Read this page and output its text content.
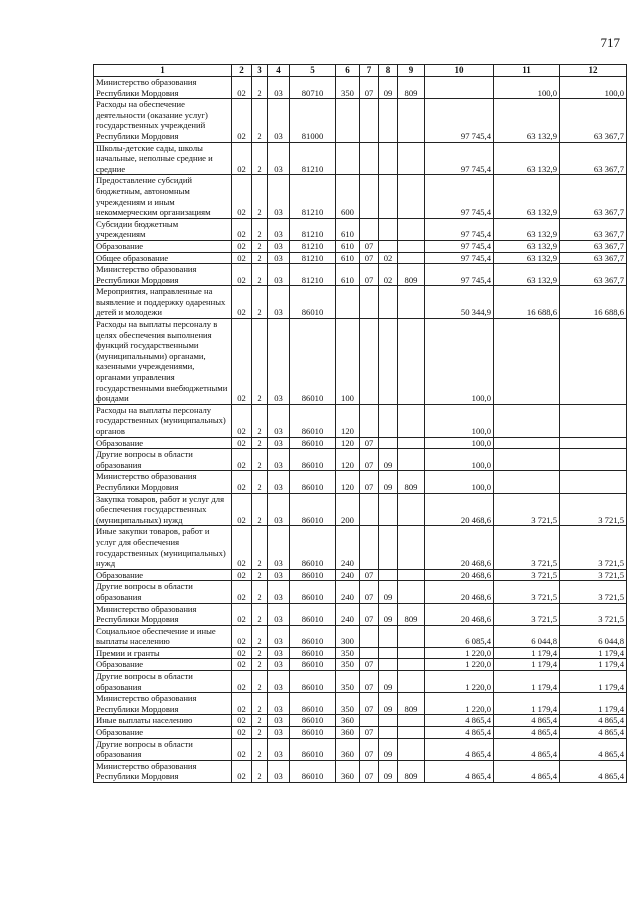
717
1	2	3	4	5	6	7	8	9	10	11	12
Министерство образования Республики Мордовия	02	2	03	80710	350	07	09	809		100,0	100,0
Расходы на обеспечение деятельности (оказание услуг) государственных учреждений Республики Мордовия	02	2	03	81000					97 745,4	63 132,9	63 367,7
Школы-детские сады, школы начальные, неполные средние и средние	02	2	03	81210					97 745,4	63 132,9	63 367,7
Предоставление субсидий бюджетным, автономным учреждениям и иным некоммерческим организациям	02	2	03	81210	600				97 745,4	63 132,9	63 367,7
Субсидии бюджетным учреждениям	02	2	03	81210	610				97 745,4	63 132,9	63 367,7
Образование	02	2	03	81210	610	07			97 745,4	63 132,9	63 367,7
Общее образование	02	2	03	81210	610	07	02		97 745,4	63 132,9	63 367,7
Министерство образования Республики Мордовия	02	2	03	81210	610	07	02	809	97 745,4	63 132,9	63 367,7
Мероприятия, направленные на выявление и поддержку одаренных детей и молодежи	02	2	03	86010					50 344,9	16 688,6	16 688,6
Расходы на выплаты персоналу в целях обеспечения выполнения функций государственными (муниципальными) органами, казенными учреждениями, органами управления государственными внебюджетными фондами	02	2	03	86010	100				100,0		
Расходы на выплаты персоналу государственных (муниципальных) органов	02	2	03	86010	120				100,0		
Образование	02	2	03	86010	120	07			100,0		
Другие вопросы в области образования	02	2	03	86010	120	07	09		100,0		
Министерство образования Республики Мордовия	02	2	03	86010	120	07	09	809	100,0		
Закупка товаров, работ и услуг для обеспечения государственных (муниципальных) нужд	02	2	03	86010	200				20 468,6	3 721,5	3 721,5
Иные закупки товаров, работ и услуг для обеспечения государственных (муниципальных) нужд	02	2	03	86010	240				20 468,6	3 721,5	3 721,5
Образование	02	2	03	86010	240	07			20 468,6	3 721,5	3 721,5
Другие вопросы в области образования	02	2	03	86010	240	07	09		20 468,6	3 721,5	3 721,5
Министерство образования Республики Мордовия	02	2	03	86010	240	07	09	809	20 468,6	3 721,5	3 721,5
Социальное обеспечение и иные выплаты населению	02	2	03	86010	300				6 085,4	6 044,8	6 044,8
Премии и гранты	02	2	03	86010	350				1 220,0	1 179,4	1 179,4
Образование	02	2	03	86010	350	07			1 220,0	1 179,4	1 179,4
Другие вопросы в области образования	02	2	03	86010	350	07	09		1 220,0	1 179,4	1 179,4
Министерство образования Республики Мордовия	02	2	03	86010	350	07	09	809	1 220,0	1 179,4	1 179,4
Иные выплаты населению	02	2	03	86010	360				4 865,4	4 865,4	4 865,4
Образование	02	2	03	86010	360	07			4 865,4	4 865,4	4 865,4
Другие вопросы в области образования	02	2	03	86010	360	07	09		4 865,4	4 865,4	4 865,4
Министерство образования Республики Мордовия	02	2	03	86010	360	07	09	809	4 865,4	4 865,4	4 865,4
